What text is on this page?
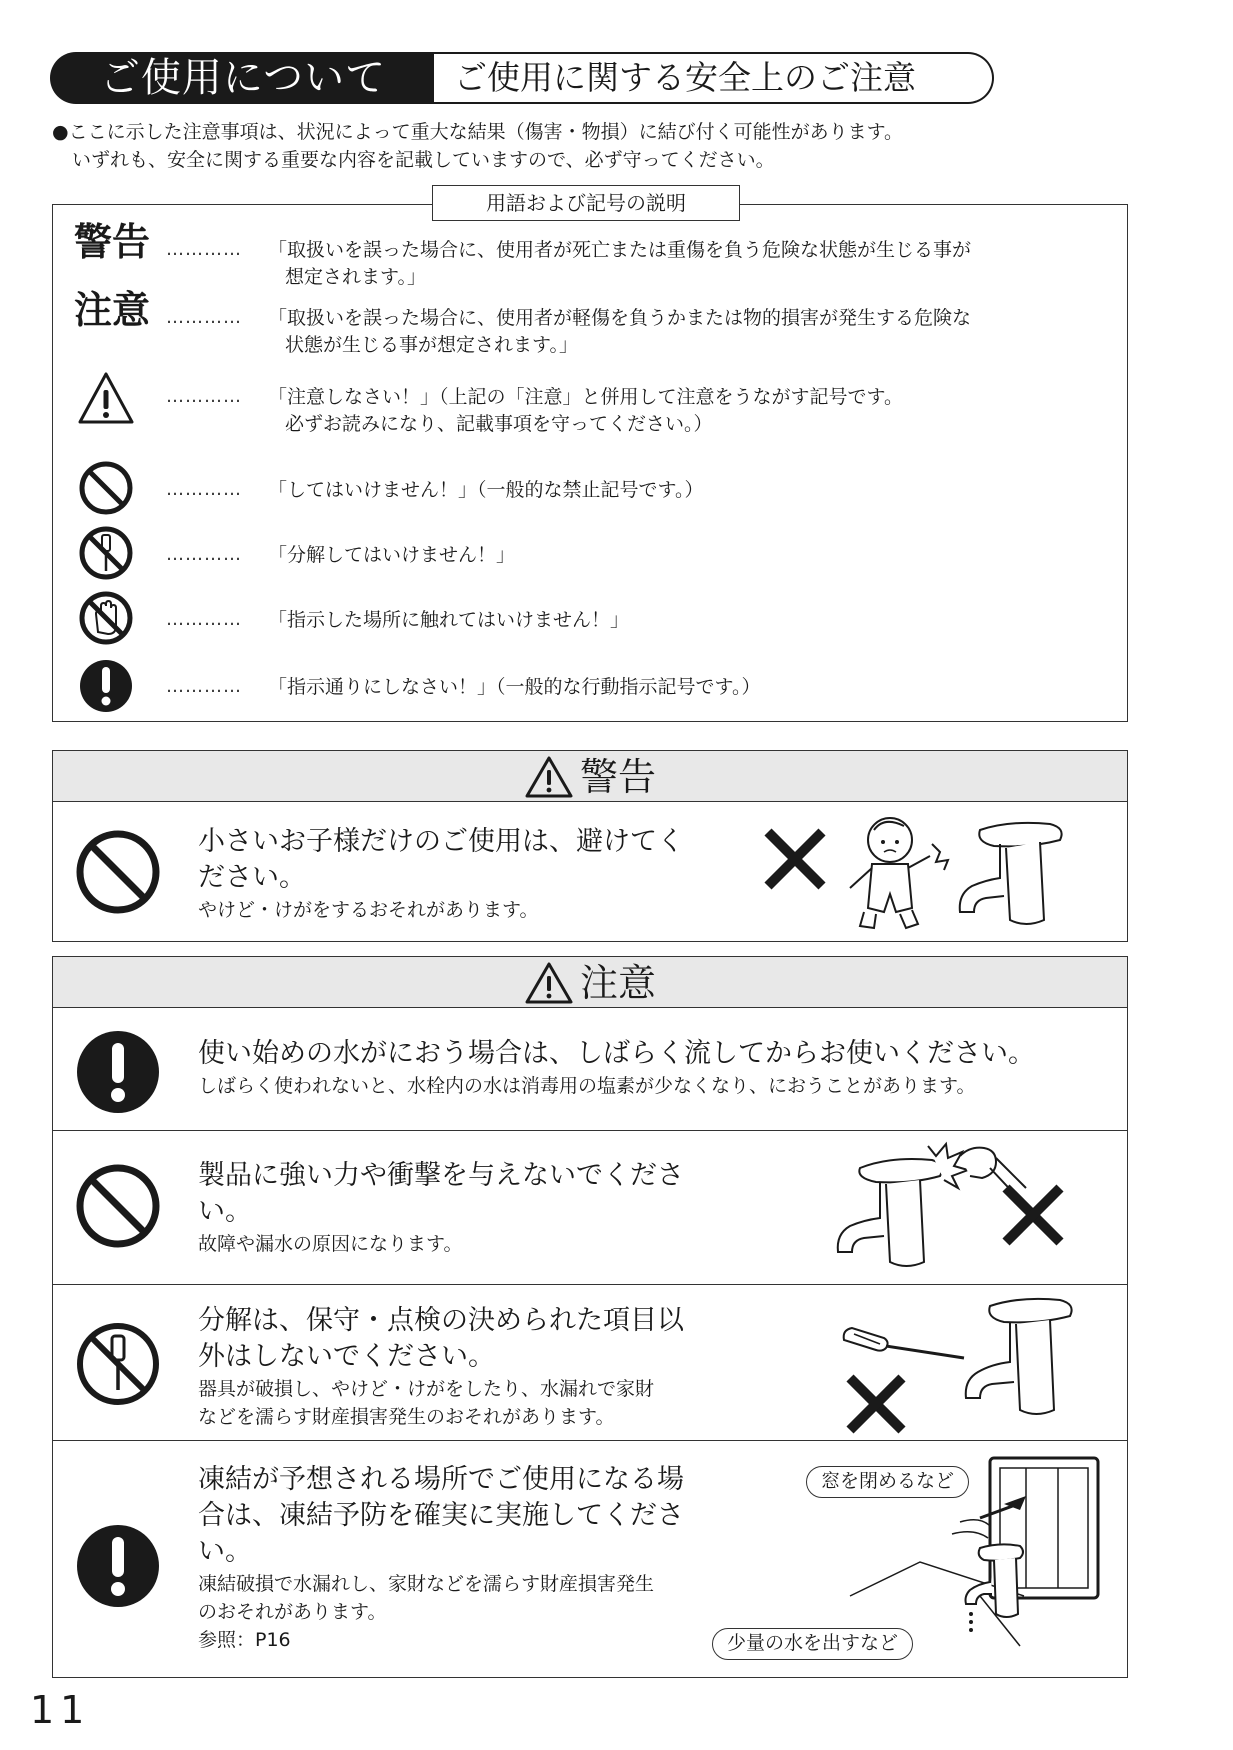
ご使用について	ご使用に関する安全上のご注意
●ここに示した注意事項は、状況によって重大な結果（傷害・物損）に結び付く可能性があります。
いずれも、安全に関する重要な内容を記載していますので、必ず守ってください。
用語および記号の説明
警告 ………… 「取扱いを誤った場合に、使用者が死亡または重傷を負う危険な状態が生じる事が
想定されます。」
注意 ………… 「取扱いを誤った場合に、使用者が軽傷を負うかまたは物的損害が発生する危険な
状態が生じる事が想定されます。」
………… 「注意しなさい！」（上記の「注意」と併用して注意をうながす記号です。
必ずお読みになり、記載事項を守ってください。）
………… 「してはいけません！」（一般的な禁止記号です。）
………… 「分解してはいけません！」
………… 「指示した場所に触れてはいけません！」
………… 「指示通りにしなさい！」（一般的な行動指示記号です。）
警告
小さいお子様だけのご使用は、避けてく
ださい。
やけど・けがをするおそれがあります。
注意
使い始めの水がにおう場合は、しばらく流してからお使いください。
しばらく使われないと、水栓内の水は消毒用の塩素が少なくなり、におうことがあります。
製品に強い力や衝撃を与えないでくださ
い。
故障や漏水の原因になります。
分解は、保守・点検の決められた項目以
外はしないでください。
器具が破損し、やけど・けがをしたり、水漏れで家財
などを濡らす財産損害発生のおそれがあります。
凍結が予想される場所でご使用になる場
合は、凍結予防を確実に実施してくださ
い。
凍結破損で水漏れし、家財などを濡らす財産損害発生
のおそれがあります。
参照：P16
窓を閉めるなど
少量の水を出すなど
11
